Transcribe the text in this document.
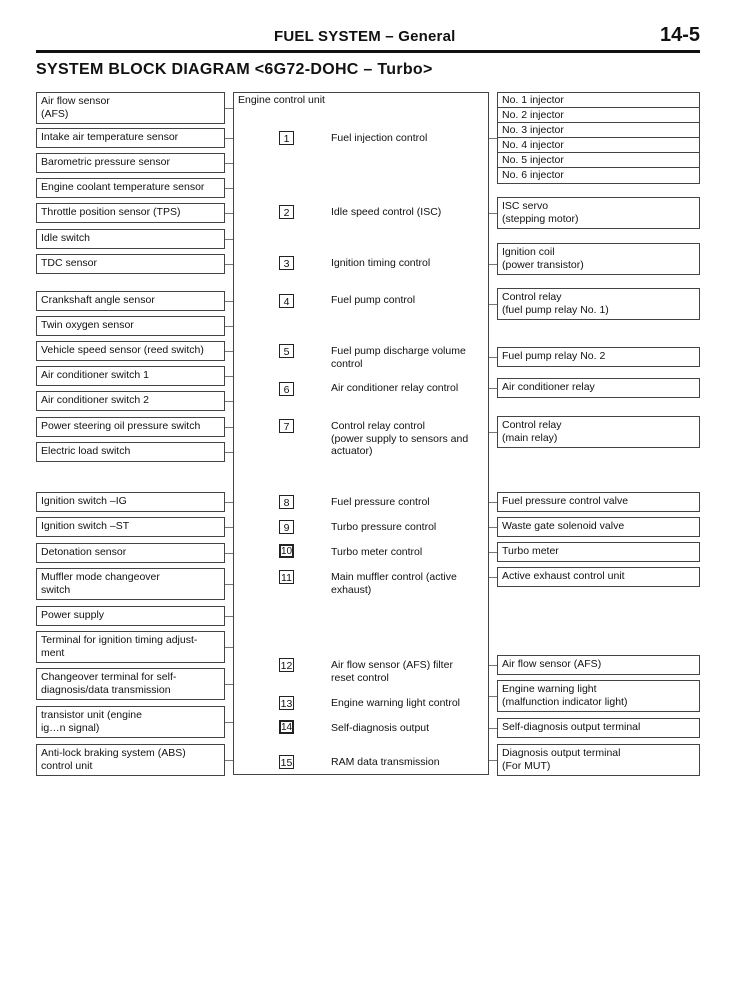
FUEL SYSTEM – General	14-5
SYSTEM BLOCK DIAGRAM <6G72-DOHC – Turbo>
Air flow sensor
(AFS)
Intake air temperature sensor
Barometric pressure sensor
Engine coolant temperature sensor
Throttle position sensor (TPS)
Idle switch
TDC sensor
Crankshaft angle sensor
Twin oxygen sensor
Vehicle speed sensor (reed switch)
Air conditioner switch 1
Air conditioner switch 2
Power steering oil pressure switch
Electric load switch
Ignition switch –IG
Ignition switch –ST
Detonation sensor
Muffler mode changeover
switch
Power supply
Terminal for ignition timing adjust-
ment
Changeover terminal for self-
diagnosis/data transmission
transistor unit (engine
ig…n signal)
Anti-lock braking system (ABS)
control unit
Engine control unit
1	Fuel injection control
2	Idle speed control (ISC)
3	Ignition timing control
4	Fuel pump control
5	Fuel pump discharge volume
control
6	Air conditioner relay control
7	Control relay control
(power supply to sensors and
actuator)
8	Fuel pressure control
9	Turbo pressure control
10	Turbo meter control
11	Main muffler control (active
exhaust)
12	Air flow sensor (AFS) filter
reset control
13	Engine warning light control
14	Self-diagnosis output
15	RAM data transmission
No. 1 injector
No. 2 injector
No. 3 injector
No. 4 injector
No. 5 injector
No. 6 injector
ISC servo
(stepping motor)
Ignition coil
(power transistor)
Control relay
(fuel pump relay No. 1)
Fuel pump relay No. 2
Air conditioner relay
Control relay
(main relay)
Fuel pressure control valve
Waste gate solenoid valve
Turbo meter
Active exhaust control unit
Air flow sensor (AFS)
Engine warning light
(malfunction indicator light)
Self-diagnosis output terminal
Diagnosis output terminal
(For MUT)
